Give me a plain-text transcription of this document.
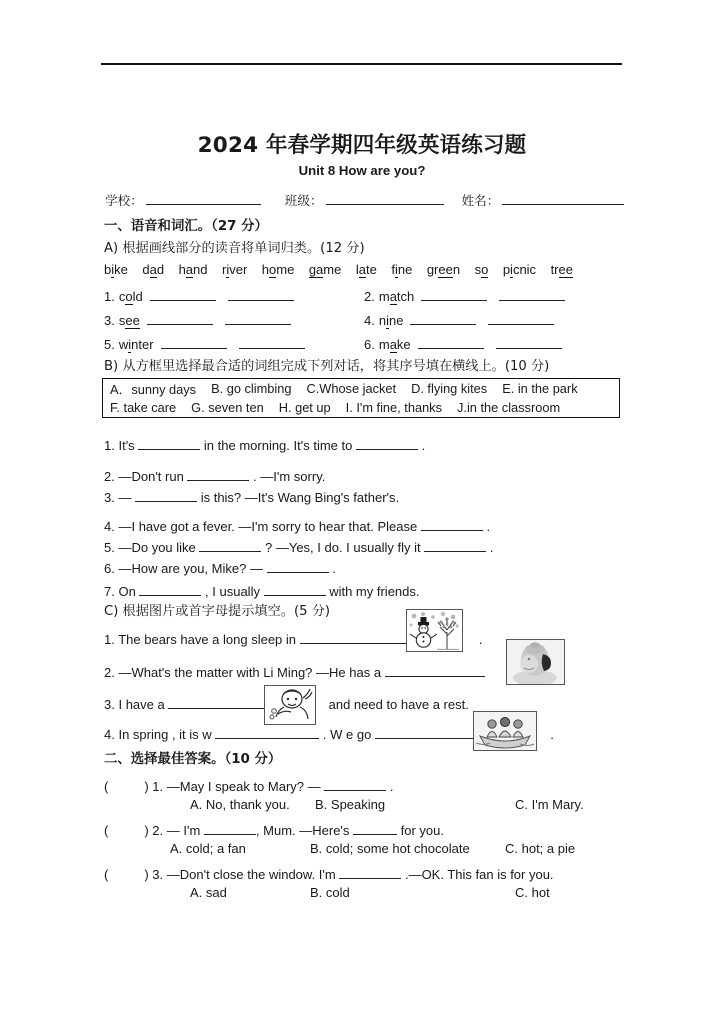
2024 年春学期四年级英语练习题
Unit 8 How are you?
学校：	班级：	姓名：
一、语音和词汇。（27 分）
A) 根据画线部分的读音将单词归类。(12 分)
bike dad hand river home game late fine green so picnic tree
1. cold	2. match
3. see	4. nine
5. winter	6. make
B) 从方框里选择最合适的词组完成下列对话，将其序号填在横线上。(10 分)
A．sunny days B. go climbing C.Whose jacket D. flying kites E. in the park
F. take care G. seven ten H. get up I. I'm fine, thanks J.in the classroom
1. It's	in the morning. It's time to	.
2. —Don't run	. —I'm sorry.
3. —	is this? —It's Wang Bing's father's.
4. —I have got a fever. —I'm sorry to hear that. Please	.
5. —Do you like	? —Yes, I do. I usually fly it	.
6. —How are you, Mike? —	.
7. On	, I usually	with my friends.
C) 根据图片或首字母提示填空。(5 分)
1. The bears have a long sleep in	.
2. —What's the matter with Li Ming? —He has a
3. I have a	and need to have a rest.
4. In spring , it is w	. W e go	.
二、选择最佳答案。（10 分）
(	) 1. —May I speak to Mary? —	.
A. No, thank you. B. Speaking	C. I'm Mary.
(	) 2. — I'm	, Mum. —Here's	for you.
A. cold; a fan	B. cold; some hot chocolate	C. hot; a pie
(	) 3. —Don't close the window. I'm	.—OK. This fan is for you.
A. sad	B. cold	C. hot
